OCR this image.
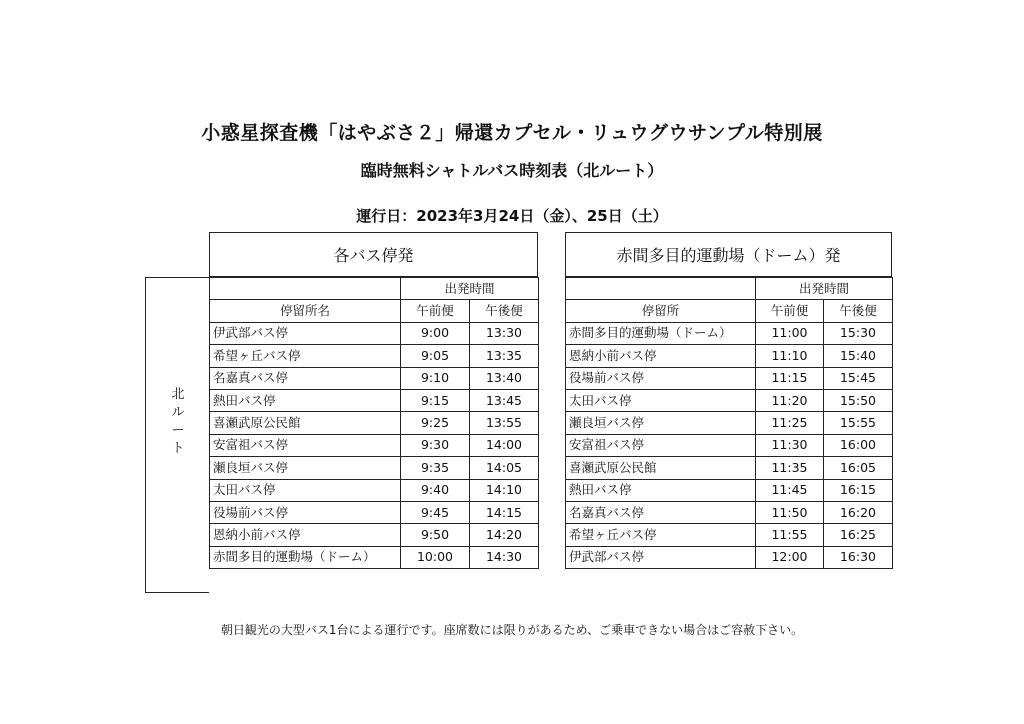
小惑星探査機「はやぶさ２」帰還カプセル・リュウグウサンプル特別展
臨時無料シャトルバス時刻表（北ルート）
運行日：2023年3月24日（金）、25日（土）
各バス停発	赤間多目的運動場（ドーム）発
北
ル
ー
ト
	出発時間	
停留所名	午前便	午後便
伊武部バス停	9:00	13:30
希望ヶ丘バス停	9:05	13:35
名嘉真バス停	9:10	13:40
熱田バス停	9:15	13:45
喜瀬武原公民館	9:25	13:55
安富祖バス停	9:30	14:00
瀬良垣バス停	9:35	14:05
太田バス停	9:40	14:10
役場前バス停	9:45	14:15
恩納小前バス停	9:50	14:20
赤間多目的運動場（ドーム）	10:00	14:30
	出発時間	
停留所	午前便	午後便
赤間多目的運動場（ドーム）	11:00	15:30
恩納小前バス停	11:10	15:40
役場前バス停	11:15	15:45
太田バス停	11:20	15:50
瀬良垣バス停	11:25	15:55
安富祖バス停	11:30	16:00
喜瀬武原公民館	11:35	16:05
熱田バス停	11:45	16:15
名嘉真バス停	11:50	16:20
希望ヶ丘バス停	11:55	16:25
伊武部バス停	12:00	16:30
朝日観光の大型バス1台による運行です。座席数には限りがあるため、ご乗車できない場合はご容赦下さい。
